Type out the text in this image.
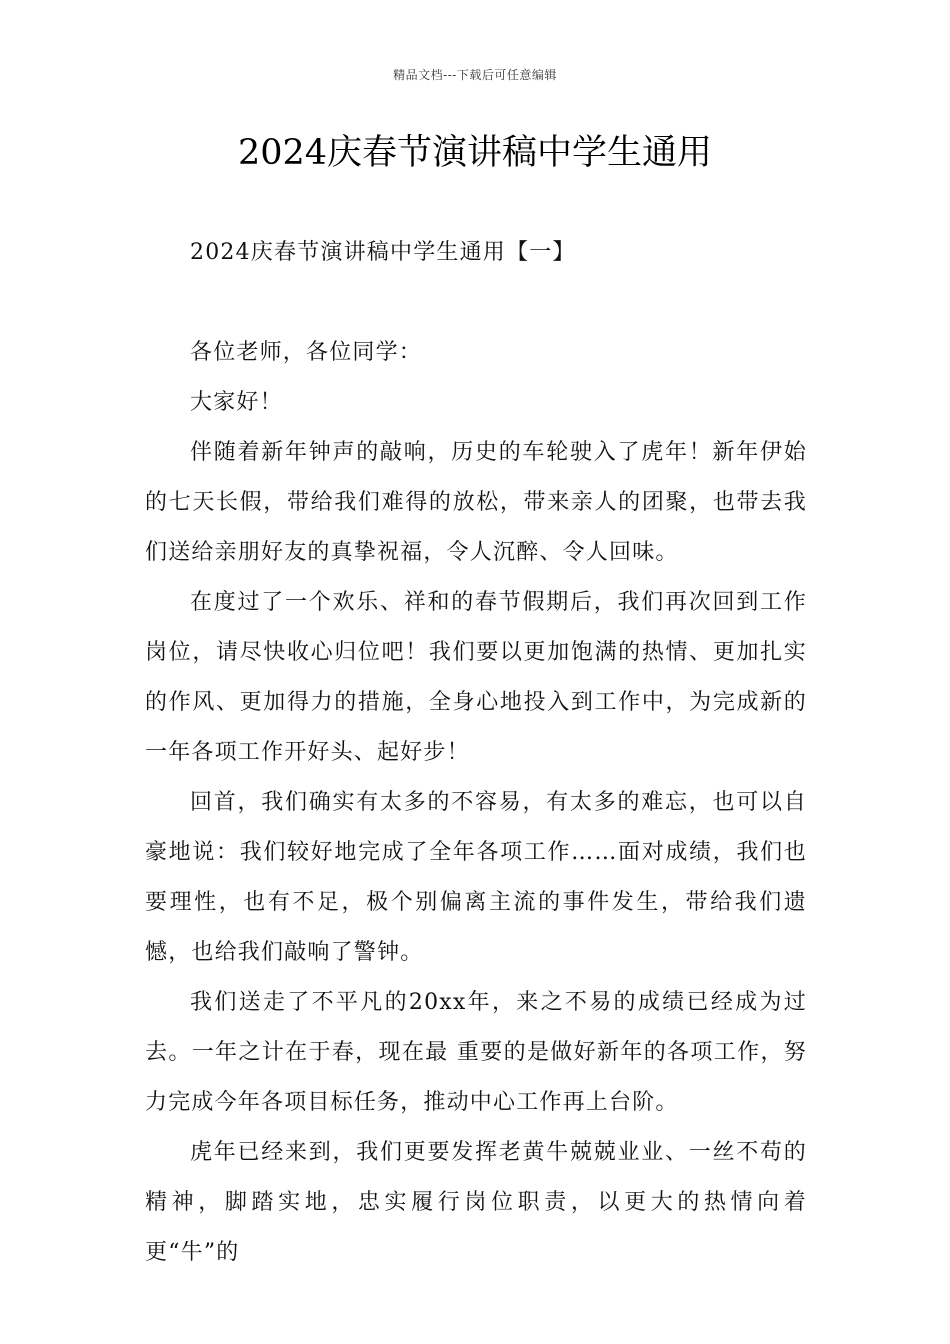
精品文档---下载后可任意编辑
2024庆春节演讲稿中学生通用

2024庆春节演讲稿中学生通用【一】

各位老师，各位同学：

大家好！

伴随着新年钟声的敲响，历史的车轮驶入了虎年！新年伊始的七天长假，带给我们难得的放松，带来亲人的团聚，也带去我们送给亲朋好友的真挚祝福，令人沉醉、令人回味。

在度过了一个欢乐、祥和的春节假期后，我们再次回到工作岗位，请尽快收心归位吧！我们要以更加饱满的热情、更加扎实的作风、更加得力的措施，全身心地投入到工作中，为完成新的一年各项工作开好头、起好步！

回首，我们确实有太多的不容易，有太多的难忘，也可以自豪地说：我们较好地完成了全年各项工作……面对成绩，我们也要理性，也有不足，极个别偏离主流的事件发生，带给我们遗憾，也给我们敲响了警钟。

我们送走了不平凡的20xx年，来之不易的成绩已经成为过去。一年之计在于春，现在最 重要的是做好新年的各项工作，努力完成今年各项目标任务，推动中心工作再上台阶。

虎年已经来到，我们更要发挥老黄牛兢兢业业、一丝不苟的精神，脚踏实地，忠实履行岗位职责，以更大的热情向着更“牛”的
